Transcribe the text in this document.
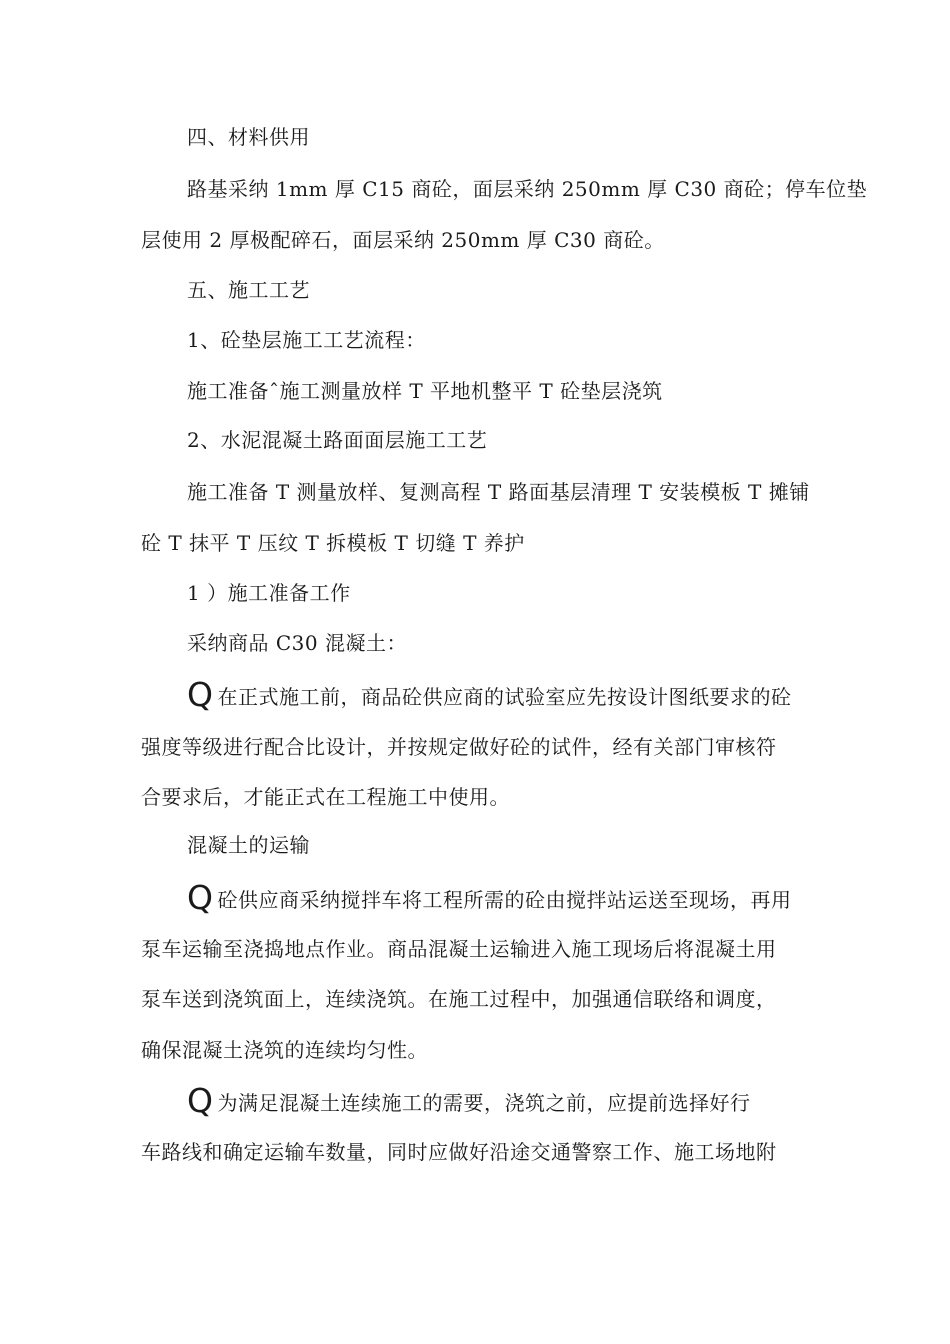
四、材料供用
路基采纳 1mm 厚 C15 商砼，面层采纳 250mm 厚 C30 商砼；停车位垫
层使用 2 厚极配碎石，面层采纳 250mm 厚 C30 商砼。
五、施工工艺
1、砼垫层施工工艺流程：
施工准备ˆ施工测量放样 T 平地机整平 T 砼垫层浇筑
2、水泥混凝土路面面层施工工艺
施工准备 T 测量放样、复测高程 T 路面基层清理 T 安装模板 T 摊铺
砼 T 抹平 T 压纹 T 拆模板 T 切缝 T 养护
1 ）施工准备工作
采纳商品 C30 混凝土：
Q在正式施工前，商品砼供应商的试验室应先按设计图纸要求的砼
强度等级进行配合比设计，并按规定做好砼的试件，经有关部门审核符
合要求后，才能正式在工程施工中使用。
混凝土的运输
Q砼供应商采纳搅拌车将工程所需的砼由搅拌站运送至现场，再用
泵车运输至浇捣地点作业。商品混凝土运输进入施工现场后将混凝土用
泵车送到浇筑面上，连续浇筑。在施工过程中，加强通信联络和调度，
确保混凝土浇筑的连续均匀性。
Q为满足混凝土连续施工的需要，浇筑之前，应提前选择好行
车路线和确定运输车数量，同时应做好沿途交通警察工作、施工场地附
